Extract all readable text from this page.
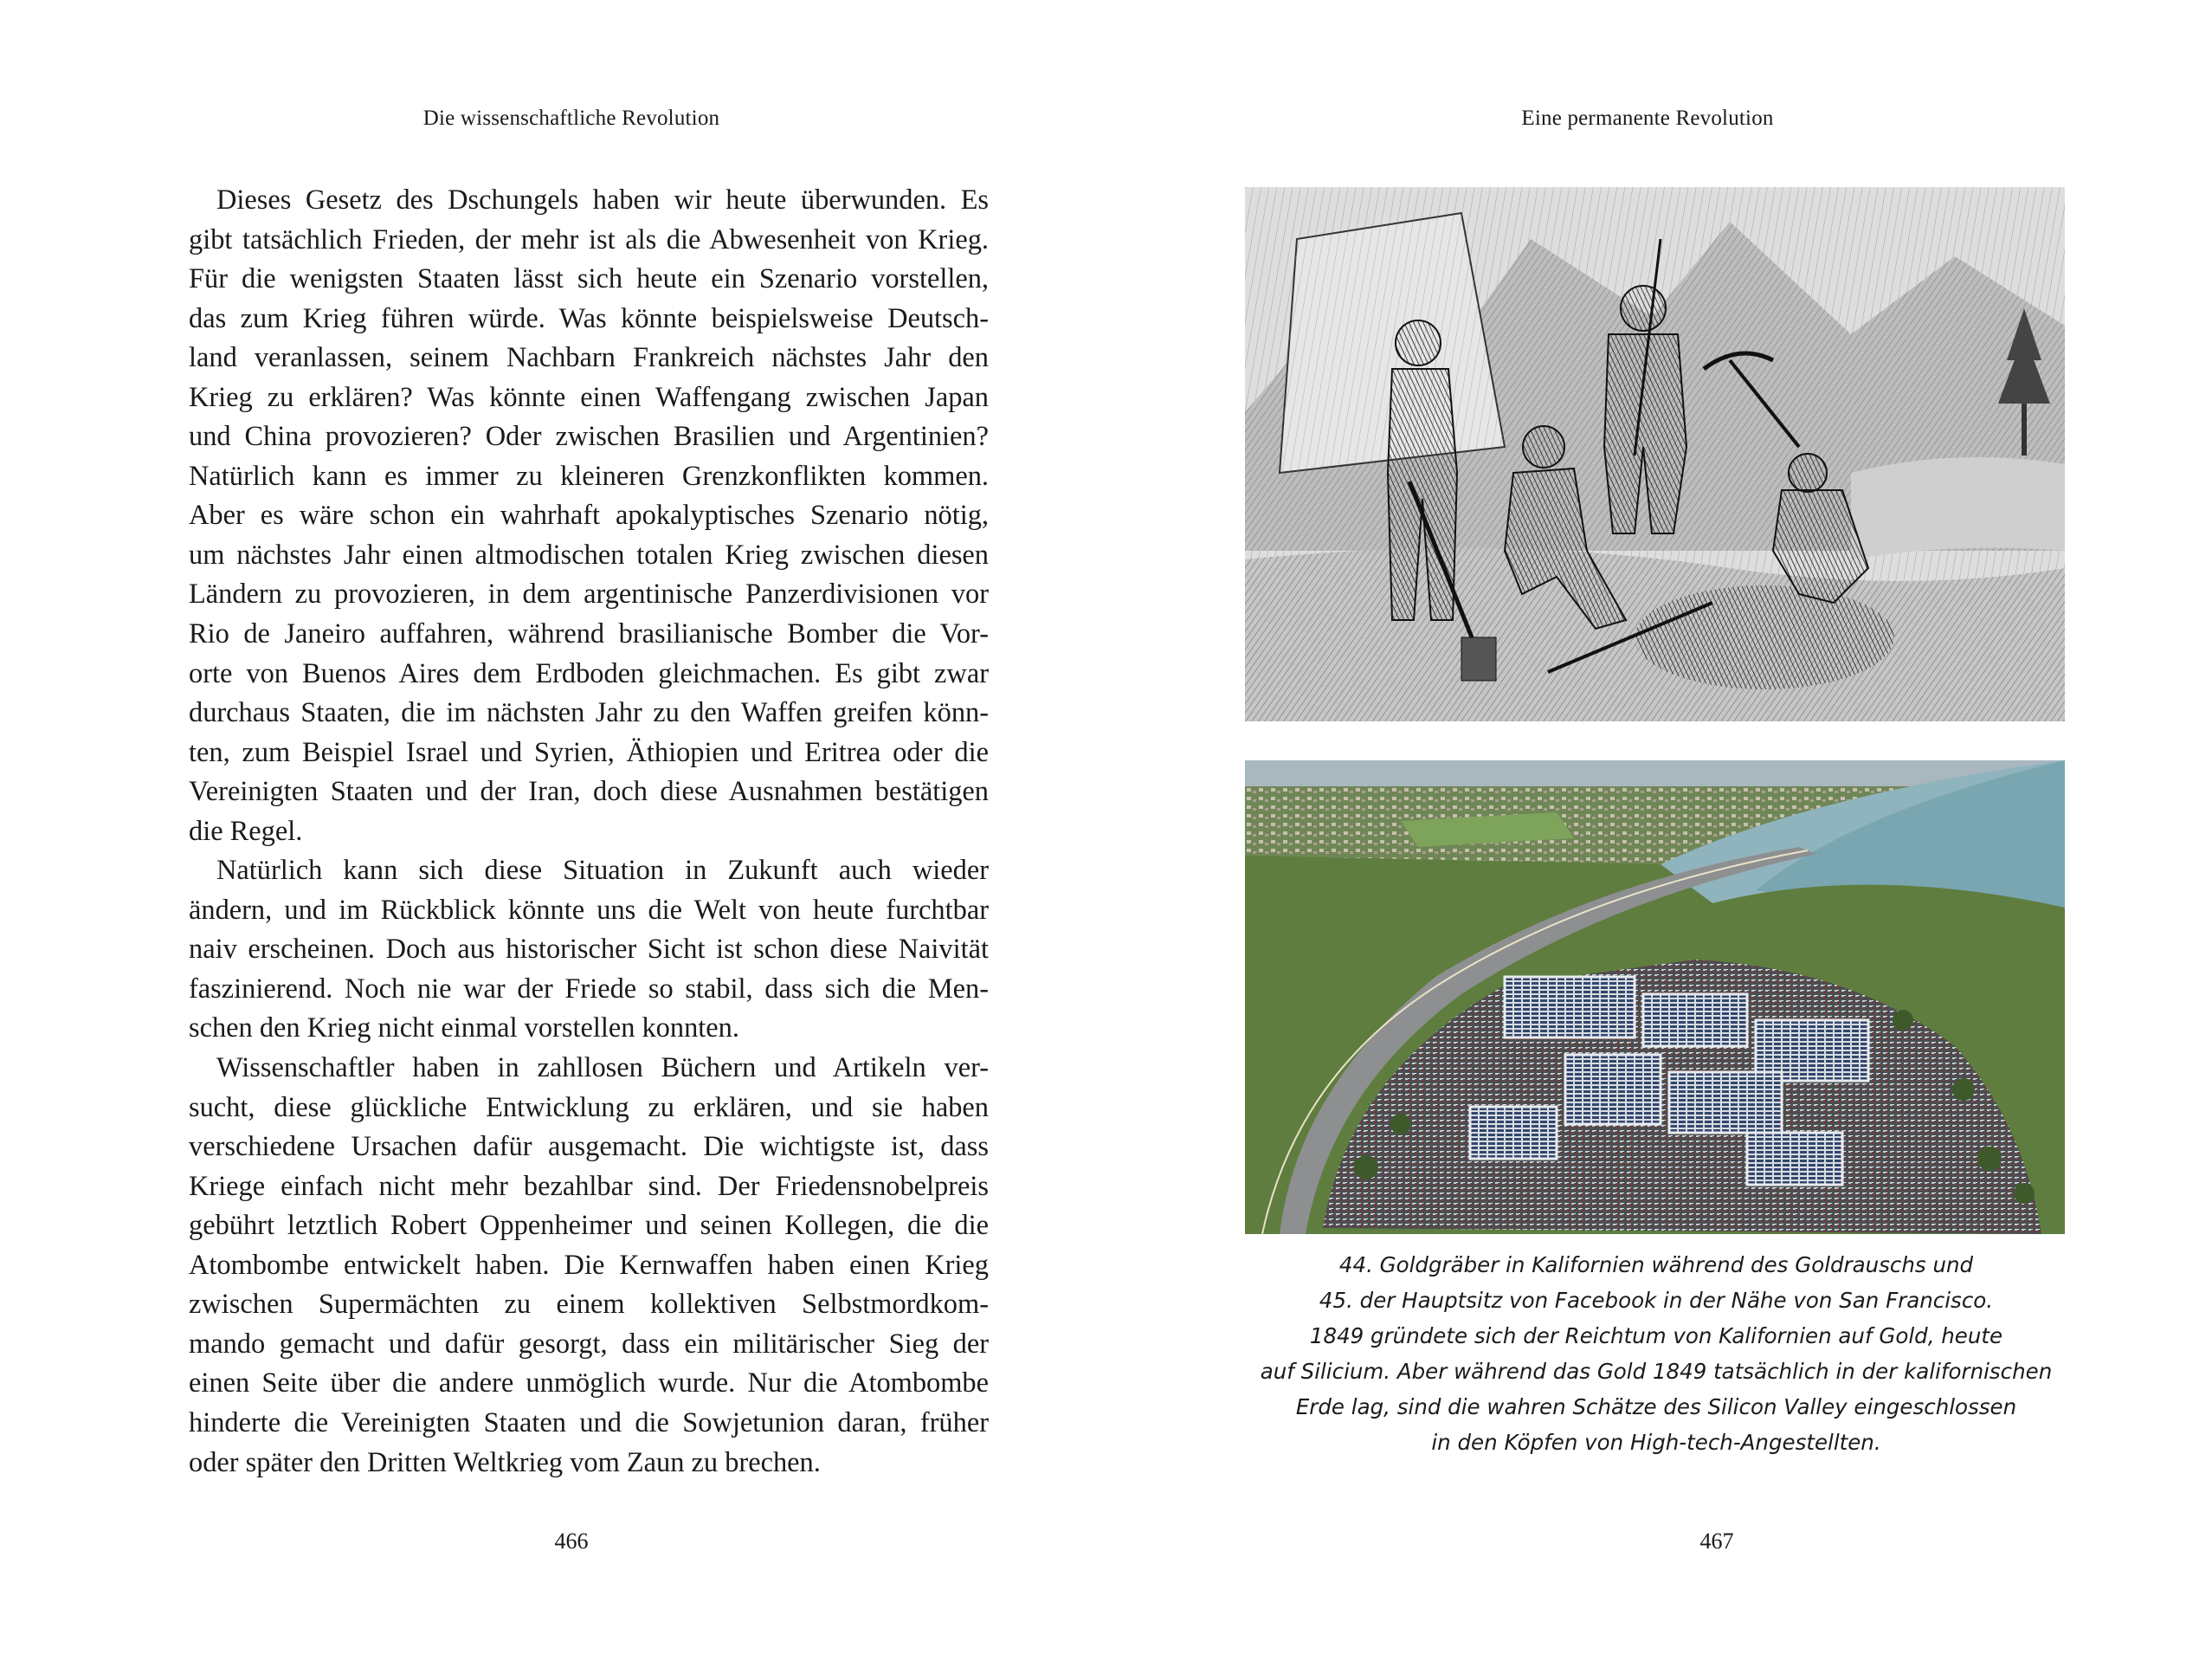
Die wissenschaftliche Revolution

Dieses Gesetz des Dschungels haben wir heute überwunden. Es
gibt tatsächlich Frieden, der mehr ist als die Abwesenheit von Krieg.
Für die wenigsten Staaten lässt sich heute ein Szenario vorstellen,
das zum Krieg führen würde. Was könnte beispielsweise Deutsch-
land veranlassen, seinem Nachbarn Frankreich nächstes Jahr den
Krieg zu erklären? Was könnte einen Waffengang zwischen Japan
und China provozieren? Oder zwischen Brasilien und Argentinien?
Natürlich kann es immer zu kleineren Grenzkonflikten kommen.
Aber es wäre schon ein wahrhaft apokalyptisches Szenario nötig,
um nächstes Jahr einen altmodischen totalen Krieg zwischen diesen
Ländern zu provozieren, in dem argentinische Panzerdivisionen vor
Rio de Janeiro auffahren, während brasilianische Bomber die Vor-
orte von Buenos Aires dem Erdboden gleichmachen. Es gibt zwar
durchaus Staaten, die im nächsten Jahr zu den Waffen greifen könn-
ten, zum Beispiel Israel und Syrien, Äthiopien und Eritrea oder die
Vereinigten Staaten und der Iran, doch diese Ausnahmen bestätigen
die Regel.

Natürlich kann sich diese Situation in Zukunft auch wieder
ändern, und im Rückblick könnte uns die Welt von heute furchtbar
naiv erscheinen. Doch aus historischer Sicht ist schon diese Naivität
faszinierend. Noch nie war der Friede so stabil, dass sich die Men-
schen den Krieg nicht einmal vorstellen konnten.

Wissenschaftler haben in zahllosen Büchern und Artikeln ver-
sucht, diese glückliche Entwicklung zu erklären, und sie haben
verschiedene Ursachen dafür ausgemacht. Die wichtigste ist, dass
Kriege einfach nicht mehr bezahlbar sind. Der Friedensnobelpreis
gebührt letztlich Robert Oppenheimer und seinen Kollegen, die die
Atombombe entwickelt haben. Die Kernwaffen haben einen Krieg
zwischen Supermächten zu einem kollektiven Selbstmordkom-
mando gemacht und dafür gesorgt, dass ein militärischer Sieg der
einen Seite über die andere unmöglich wurde. Nur die Atombombe
hinderte die Vereinigten Staaten und die Sowjetunion daran, früher
oder später den Dritten Weltkrieg vom Zaun zu brechen.

466
Eine permanente Revolution
44. Goldgräber in Kalifornien während des Goldrauschs und
45. der Hauptsitz von Facebook in der Nähe von San Francisco.
1849 gründete sich der Reichtum von Kalifornien auf Gold, heute
auf Silicium. Aber während das Gold 1849 tatsächlich in der kalifornischen
Erde lag, sind die wahren Schätze des Silicon Valley eingeschlossen
in den Köpfen von High-tech-Angestellten.
467
